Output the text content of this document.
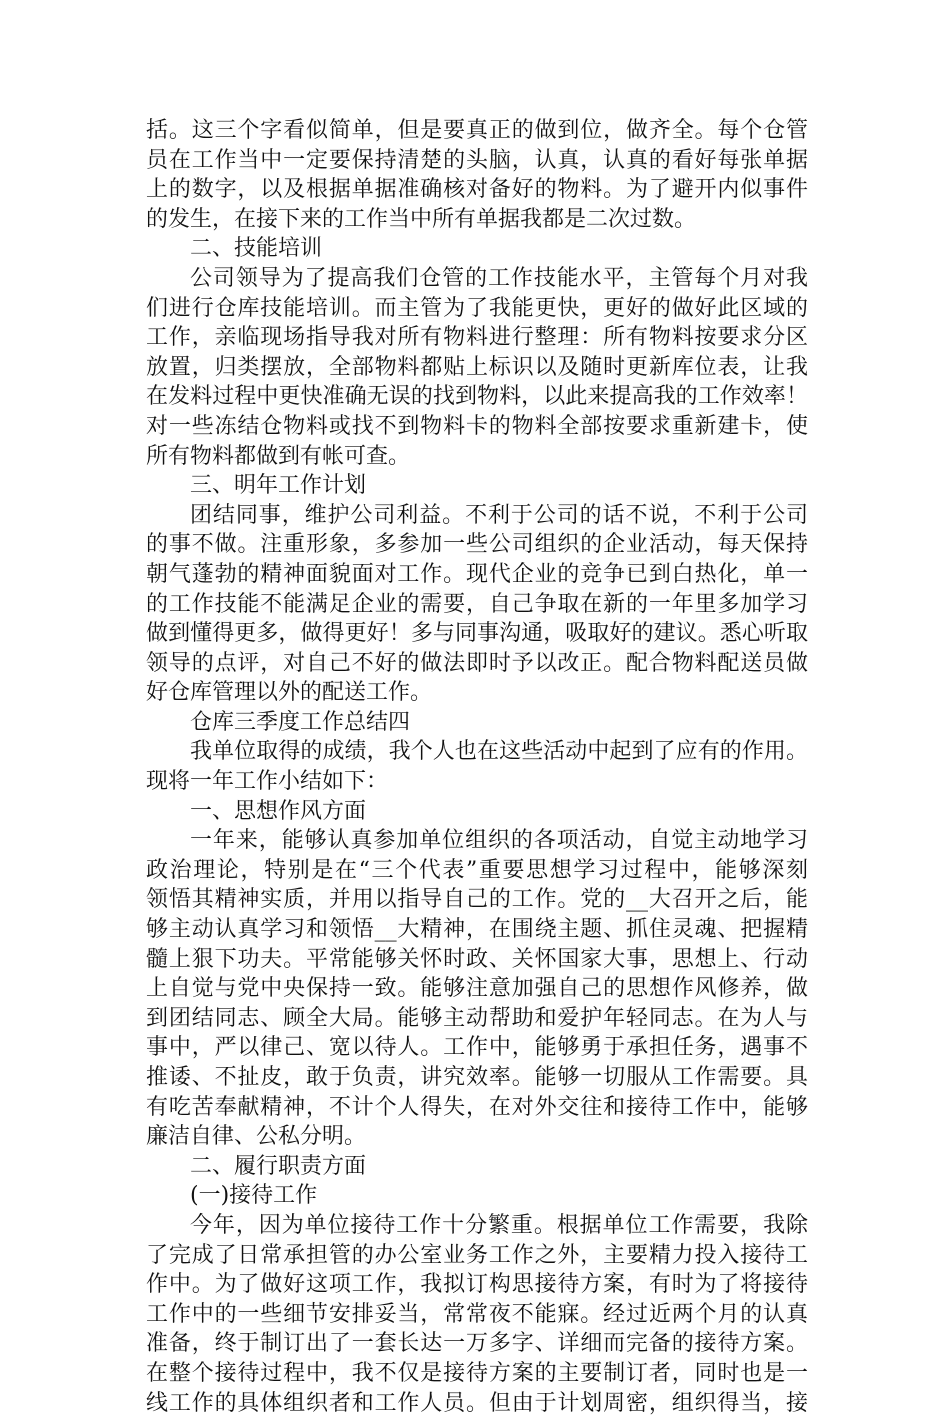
括。这三个字看似简单，但是要真正的做到位，做齐全。每个仓管
员在工作当中一定要保持清楚的头脑，认真，认真的看好每张单据
上的数字，以及根据单据准确核对备好的物料。为了避开内似事件
的发生，在接下来的工作当中所有单据我都是二次过数。
二、技能培训
公司领导为了提高我们仓管的工作技能水平，主管每个月对我
们进行仓库技能培训。而主管为了我能更快，更好的做好此区域的
工作，亲临现场指导我对所有物料进行整理：所有物料按要求分区
放置，归类摆放，全部物料都贴上标识以及随时更新库位表，让我
在发料过程中更快准确无误的找到物料，以此来提高我的工作效率！
对一些冻结仓物料或找不到物料卡的物料全部按要求重新建卡，使
所有物料都做到有帐可查。
三、明年工作计划
团结同事，维护公司利益。不利于公司的话不说，不利于公司
的事不做。注重形象，多参加一些公司组织的企业活动，每天保持
朝气蓬勃的精神面貌面对工作。现代企业的竞争已到白热化，单一
的工作技能不能满足企业的需要，自己争取在新的一年里多加学习
做到懂得更多，做得更好！多与同事沟通，吸取好的建议。悉心听取
领导的点评，对自己不好的做法即时予以改正。配合物料配送员做
好仓库管理以外的配送工作。
仓库三季度工作总结四
我单位取得的成绩，我个人也在这些活动中起到了应有的作用。
现将一年工作小结如下：
一、思想作风方面
一年来，能够认真参加单位组织的各项活动，自觉主动地学习
政治理论，特别是在“三个代表”重要思想学习过程中，能够深刻
领悟其精神实质，并用以指导自己的工作。党的__大召开之后，能
够主动认真学习和领悟__大精神，在围绕主题、抓住灵魂、把握精
髓上狠下功夫。平常能够关怀时政、关怀国家大事，思想上、行动
上自觉与党中央保持一致。能够注意加强自己的思想作风修养，做
到团结同志、顾全大局。能够主动帮助和爱护年轻同志。在为人与
事中，严以律己、宽以待人。工作中，能够勇于承担任务，遇事不
推诿、不扯皮，敢于负责，讲究效率。能够一切服从工作需要。具
有吃苦奉献精神，不计个人得失，在对外交往和接待工作中，能够
廉洁自律、公私分明。
二、履行职责方面
(一)接待工作
今年，因为单位接待工作十分繁重。根据单位工作需要，我除
了完成了日常承担管的办公室业务工作之外，主要精力投入接待工
作中。为了做好这项工作，我拟订构思接待方案，有时为了将接待
工作中的一些细节安排妥当，常常夜不能寐。经过近两个月的认真
准备，终于制订出了一套长达一万多字、详细而完备的接待方案。
在整个接待过程中，我不仅是接待方案的主要制订者，同时也是一
线工作的具体组织者和工作人员。但由于计划周密，组织得当，接
